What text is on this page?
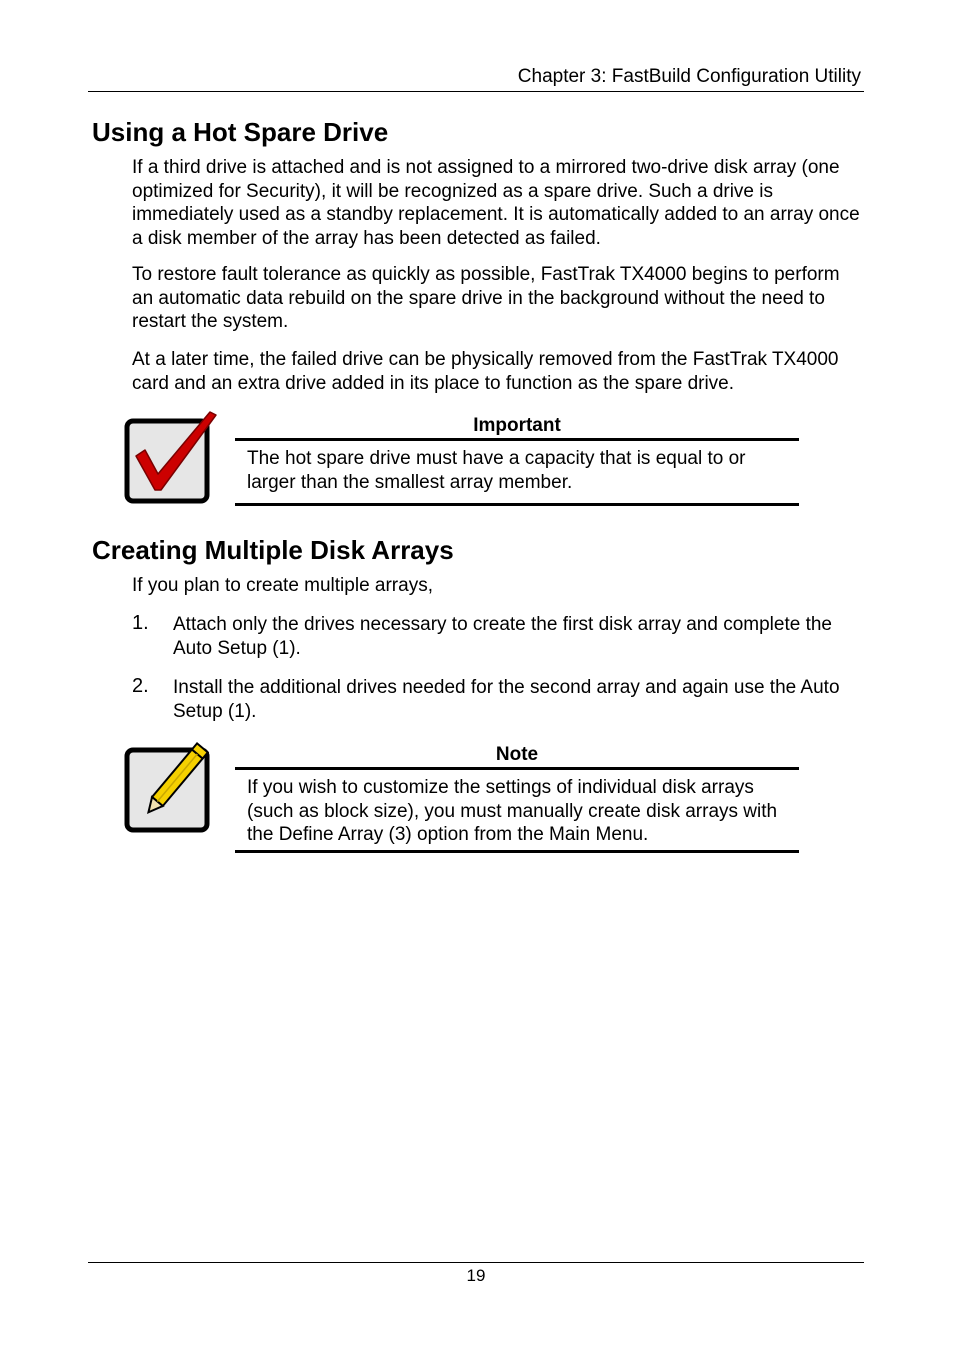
Chapter 3: FastBuild Configuration Utility
Using a Hot Spare Drive

If a third drive is attached and is not assigned to a mirrored two-drive disk array (one optimized for Security), it will be recognized as a spare drive. Such a drive is immediately used as a standby replacement. It is automatically added to an array once a disk member of the array has been detected as failed.

To restore fault tolerance as quickly as possible, FastTrak TX4000 begins to perform an automatic data rebuild on the spare drive in the background without the need to restart the system.

At a later time, the failed drive can be physically removed from the FastTrak TX4000 card and an extra drive added in its place to function as the spare drive.

Important

The hot spare drive must have a capacity that is equal to or larger than the smallest array member.

Creating Multiple Disk Arrays

If you plan to create multiple arrays,

1.	Attach only the drives necessary to create the first disk array and complete the Auto Setup (1).
2.	Install the additional drives needed for the second array and again use the Auto Setup (1).
Note

If you wish to customize the settings of individual disk arrays (such as block size), you must manually create disk arrays with the Define Array (3) option from the Main Menu.

19
